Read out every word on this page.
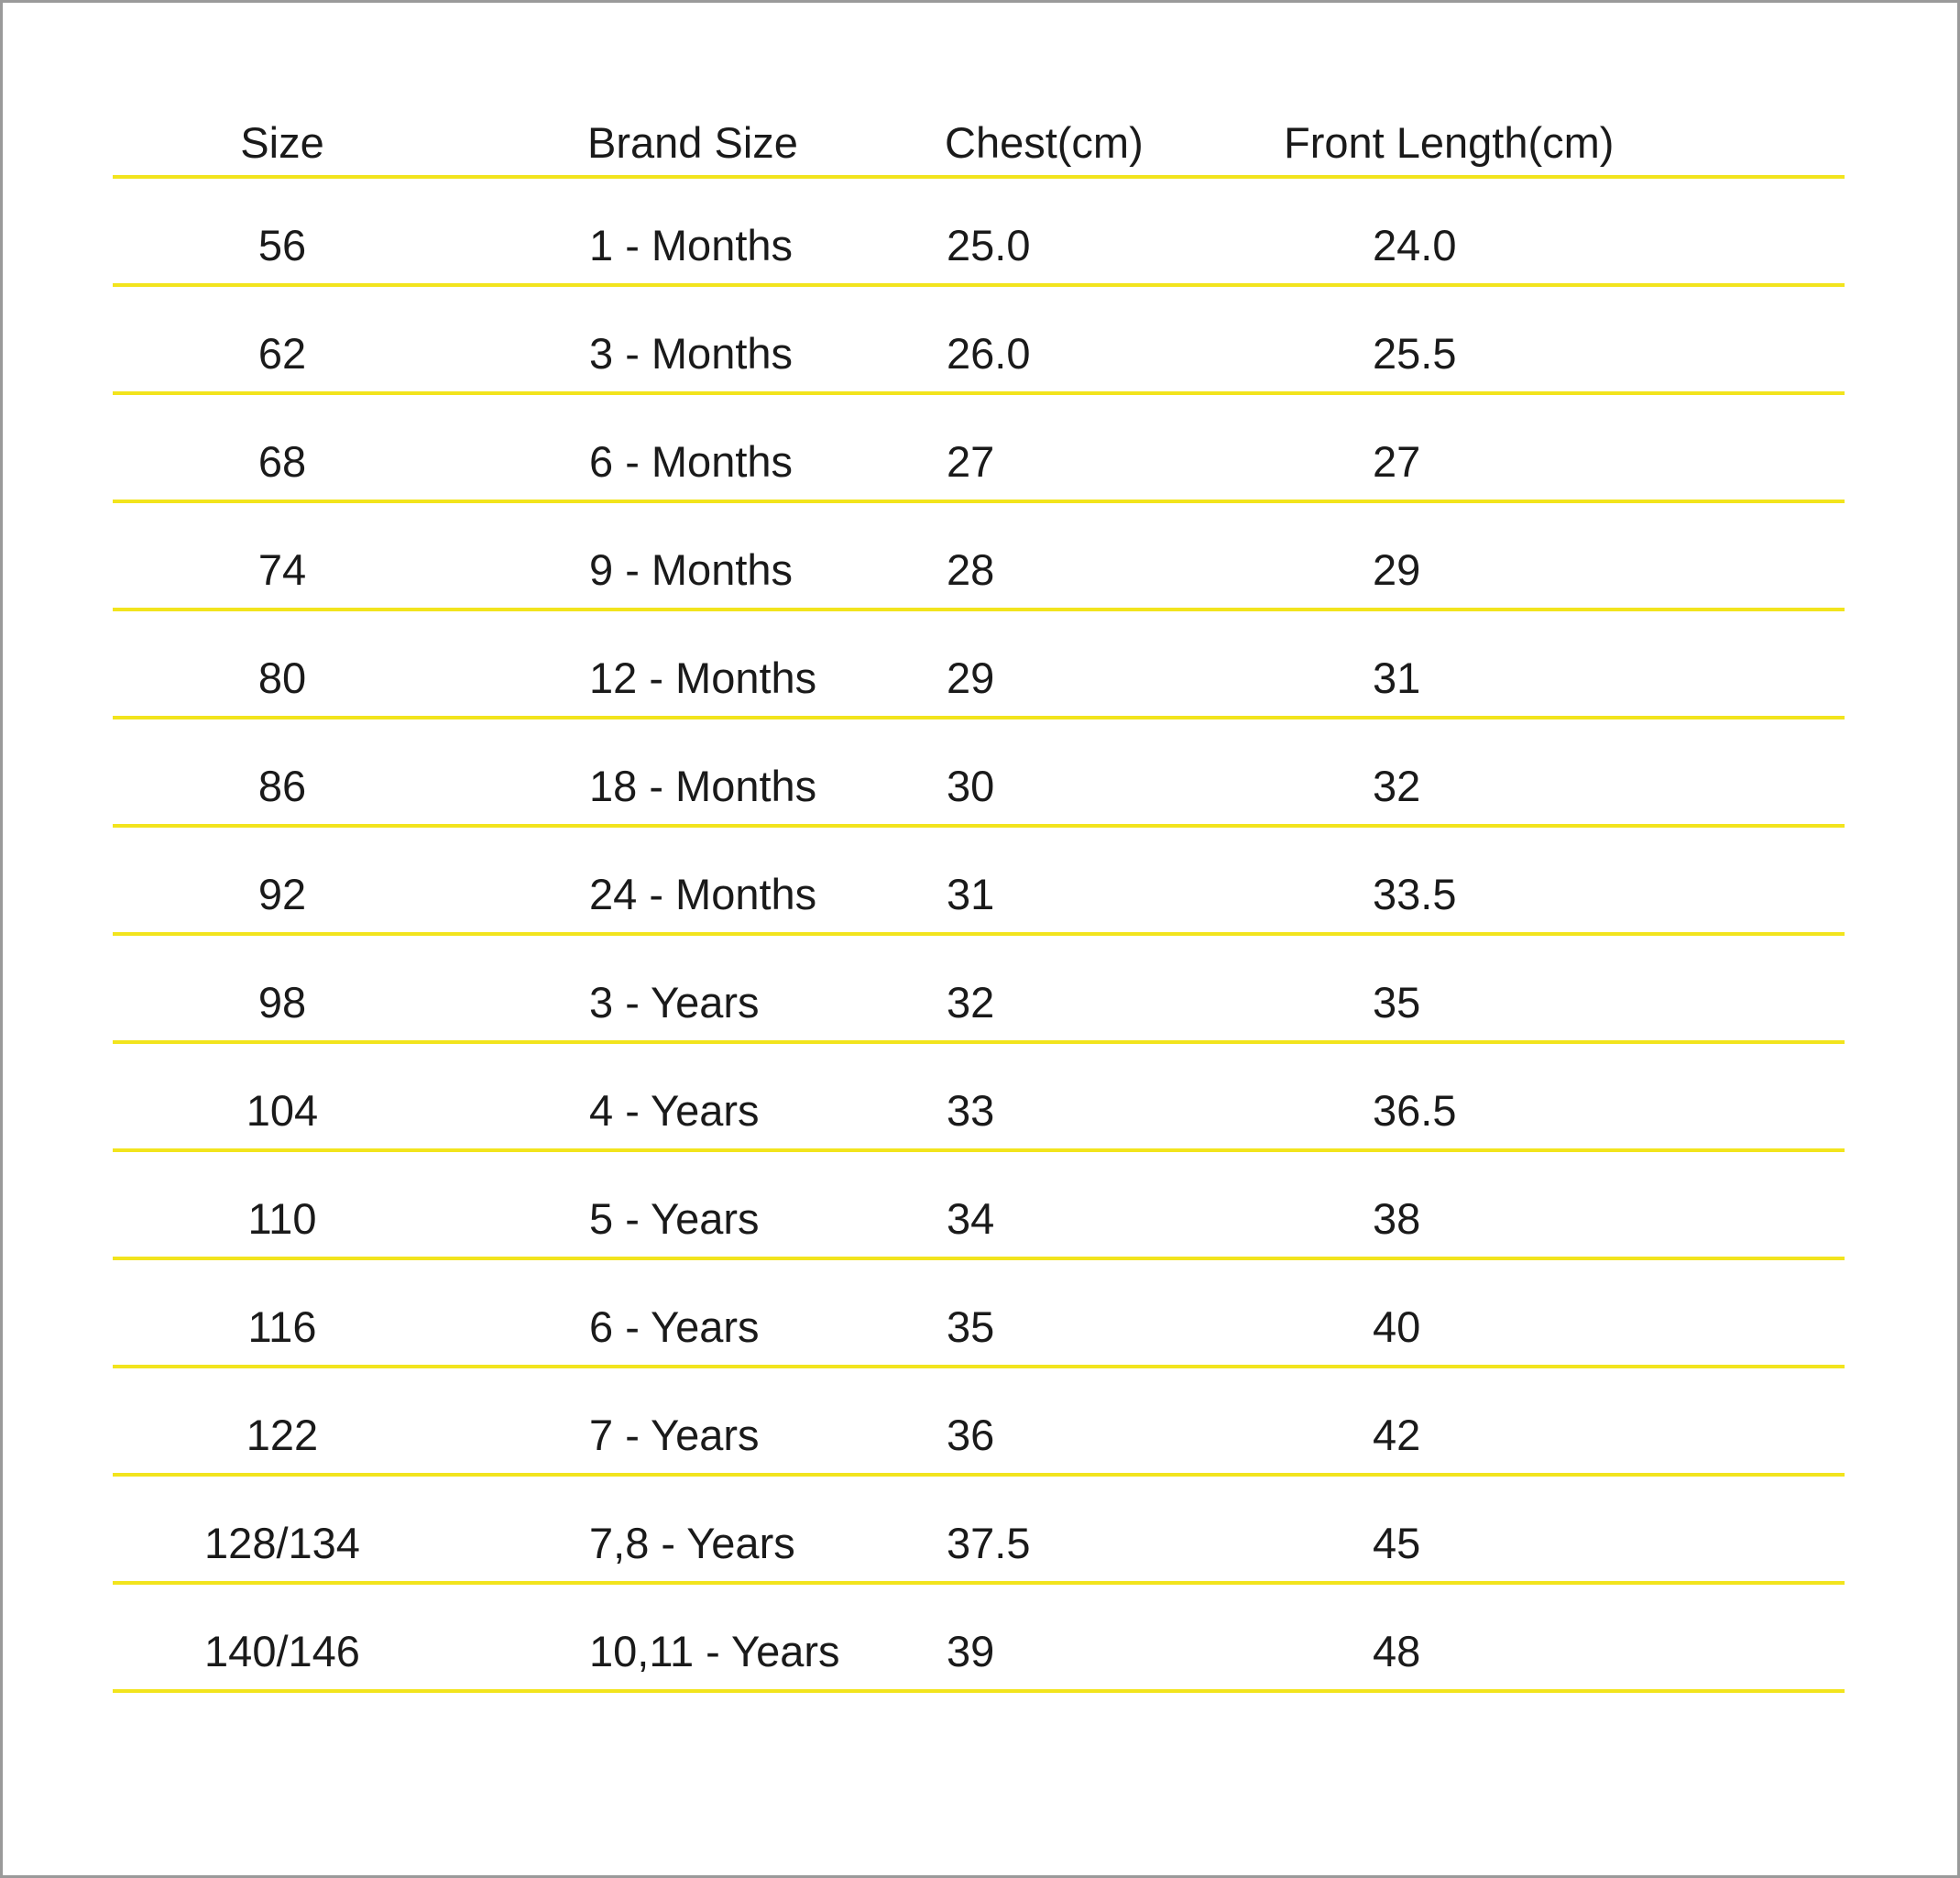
Size	Brand Size	Chest(cm)	Front Length(cm)
56	1 - Months	25.0	24.0
62	3 - Months	26.0	25.5
68	6 - Months	27	27
74	9 - Months	28	29
80	12 - Months	29	31
86	18 - Months	30	32
92	24 - Months	31	33.5
98	3 - Years	32	35
104	4 - Years	33	36.5
110	5 - Years	34	38
116	6 - Years	35	40
122	7 - Years	36	42
128/134	7,8 - Years	37.5	45
140/146	10,11 - Years	39	48
